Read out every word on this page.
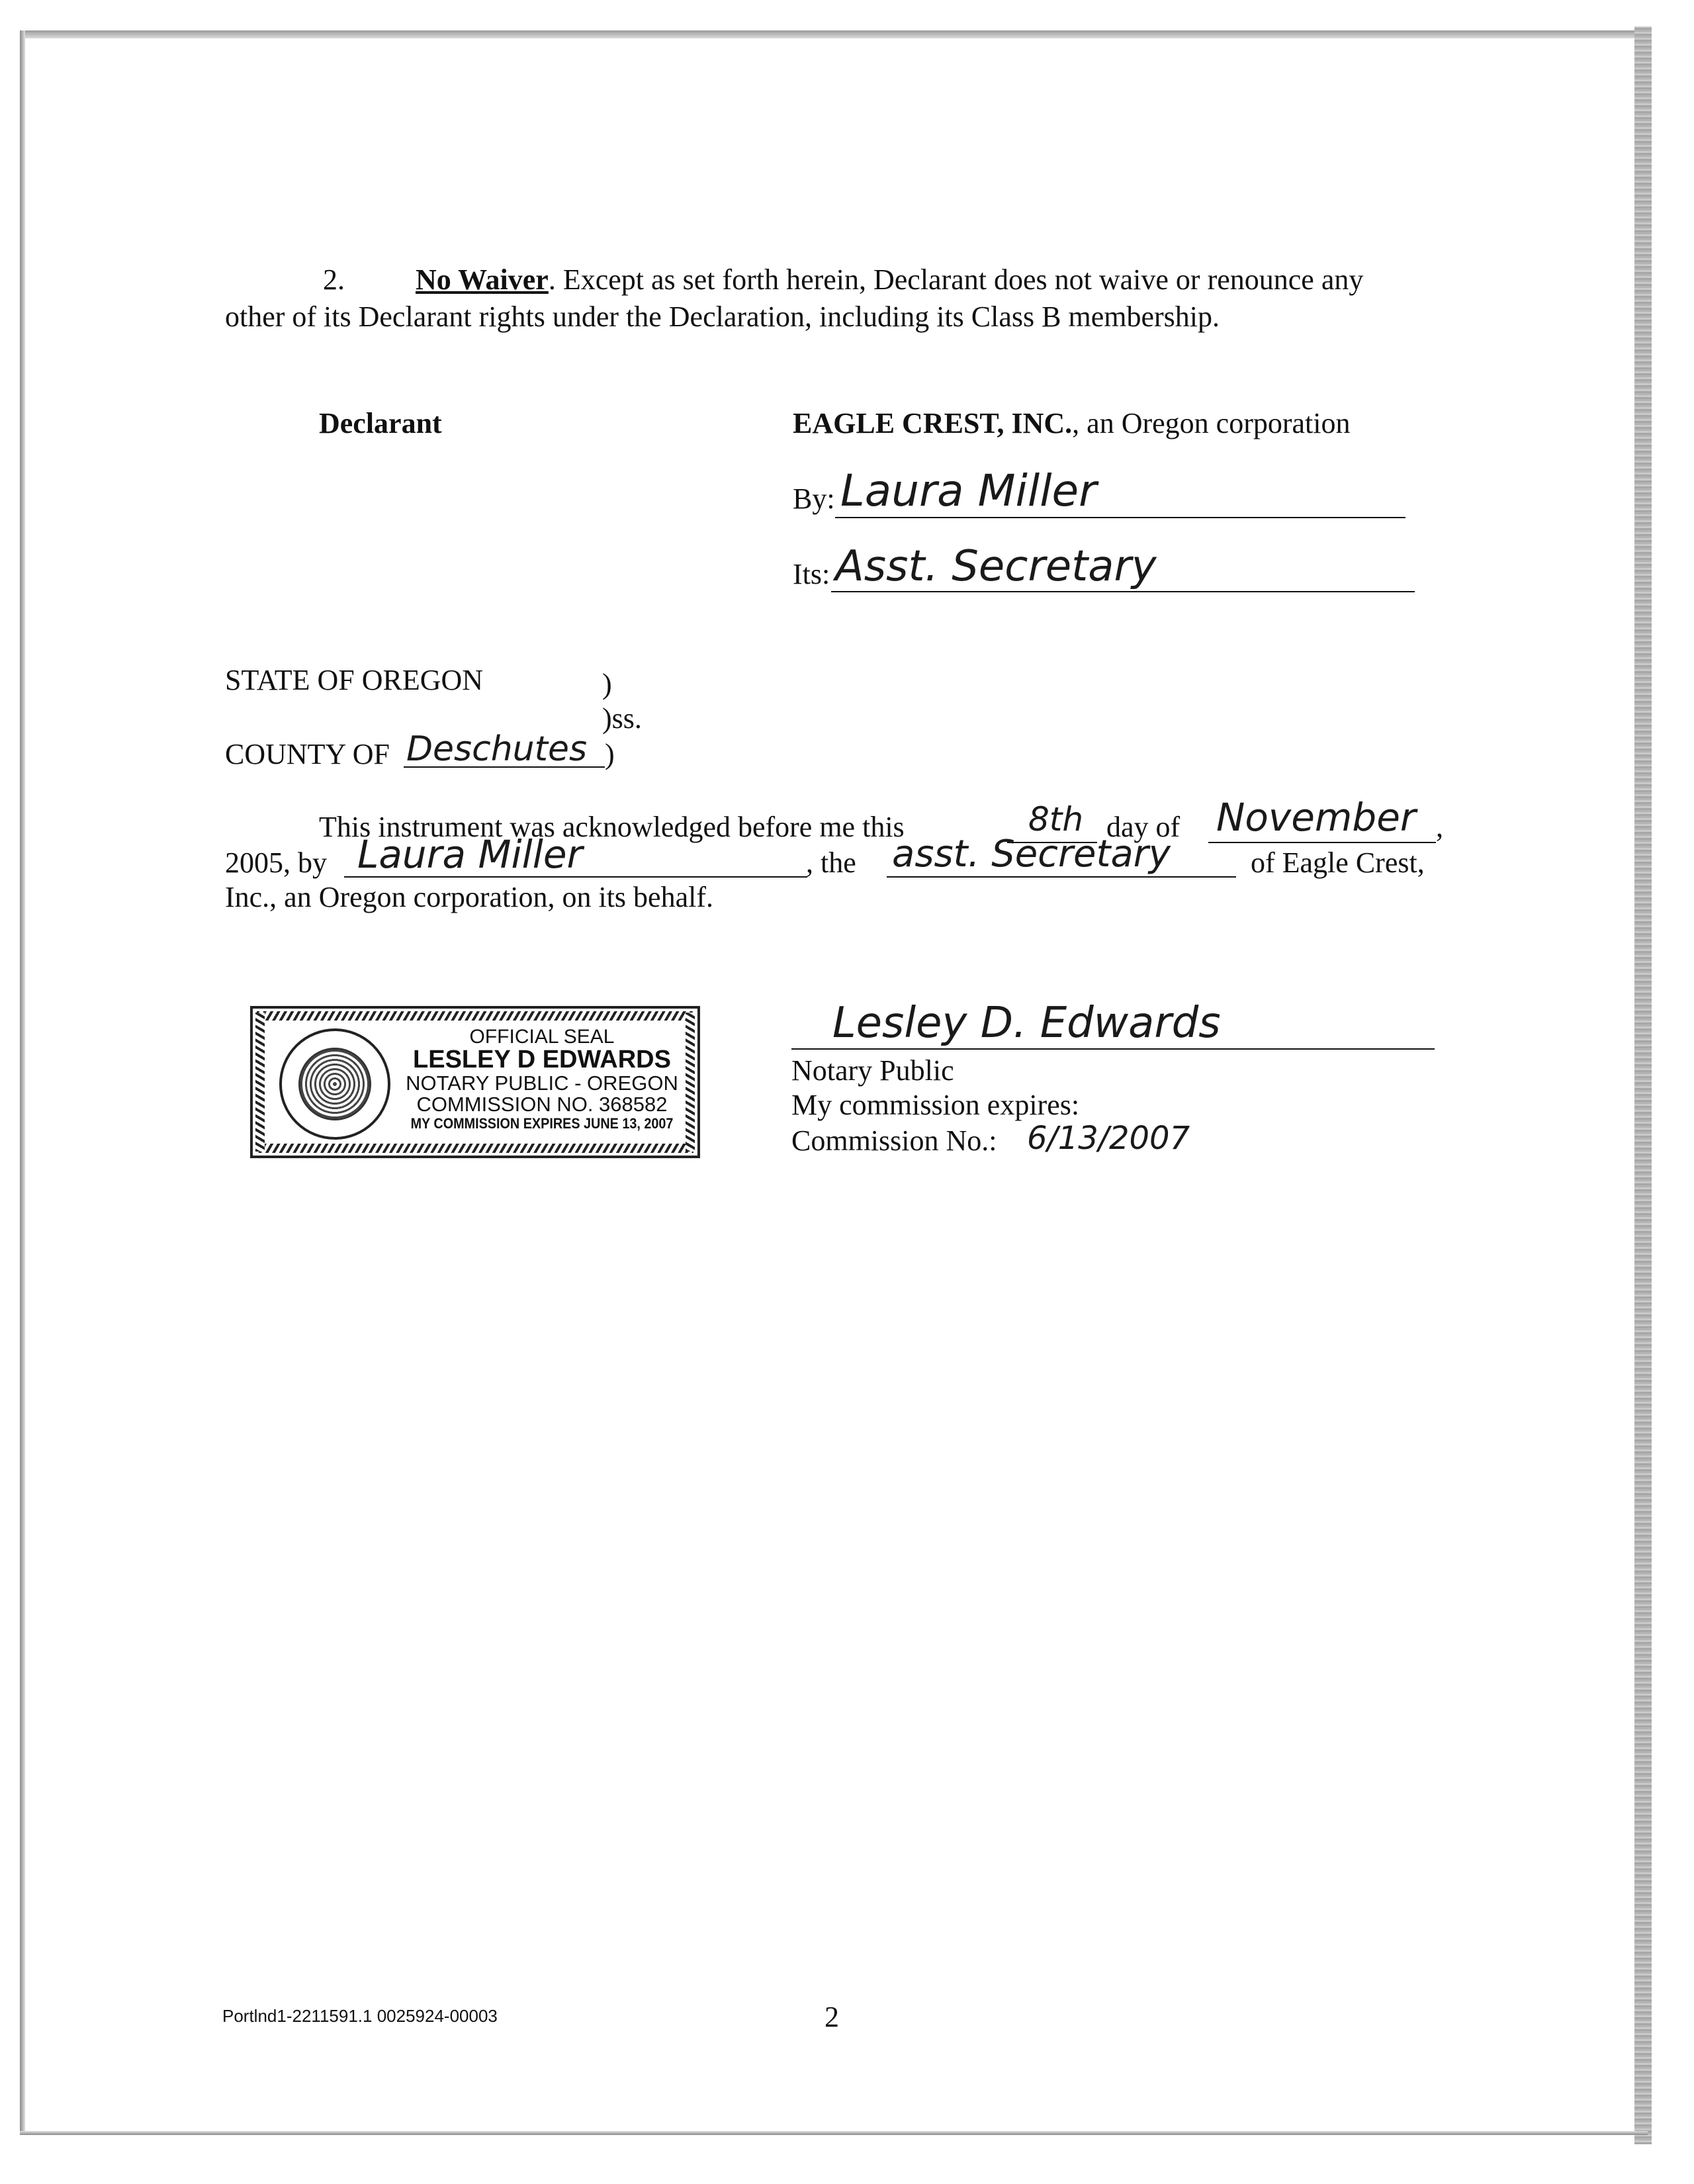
2. No Waiver. Except as set forth herein, Declarant does not waive or renounce any
other of its Declarant rights under the Declaration, including its Class B membership.
Declarant	EAGLE CREST, INC., an Oregon corporation
By: Laura Miller
Its: Asst. Secretary
STATE OF OREGON	)
)ss.
COUNTY OF Deschutes )
This instrument was acknowledged before me this	8th day of November ,
2005, by Laura Miller	, the asst. Secretary	of Eagle Crest,
Inc., an Oregon corporation, on its behalf.
OFFICIAL SEAL
LESLEY D EDWARDS
NOTARY PUBLIC - OREGON
COMMISSION NO. 368582
MY COMMISSION EXPIRES JUNE 13, 2007
Lesley D. Edwards
Notary Public
My commission expires:
Commission No.: 6/13/2007
Portlnd1-2211591.1 0025924-00003	2
